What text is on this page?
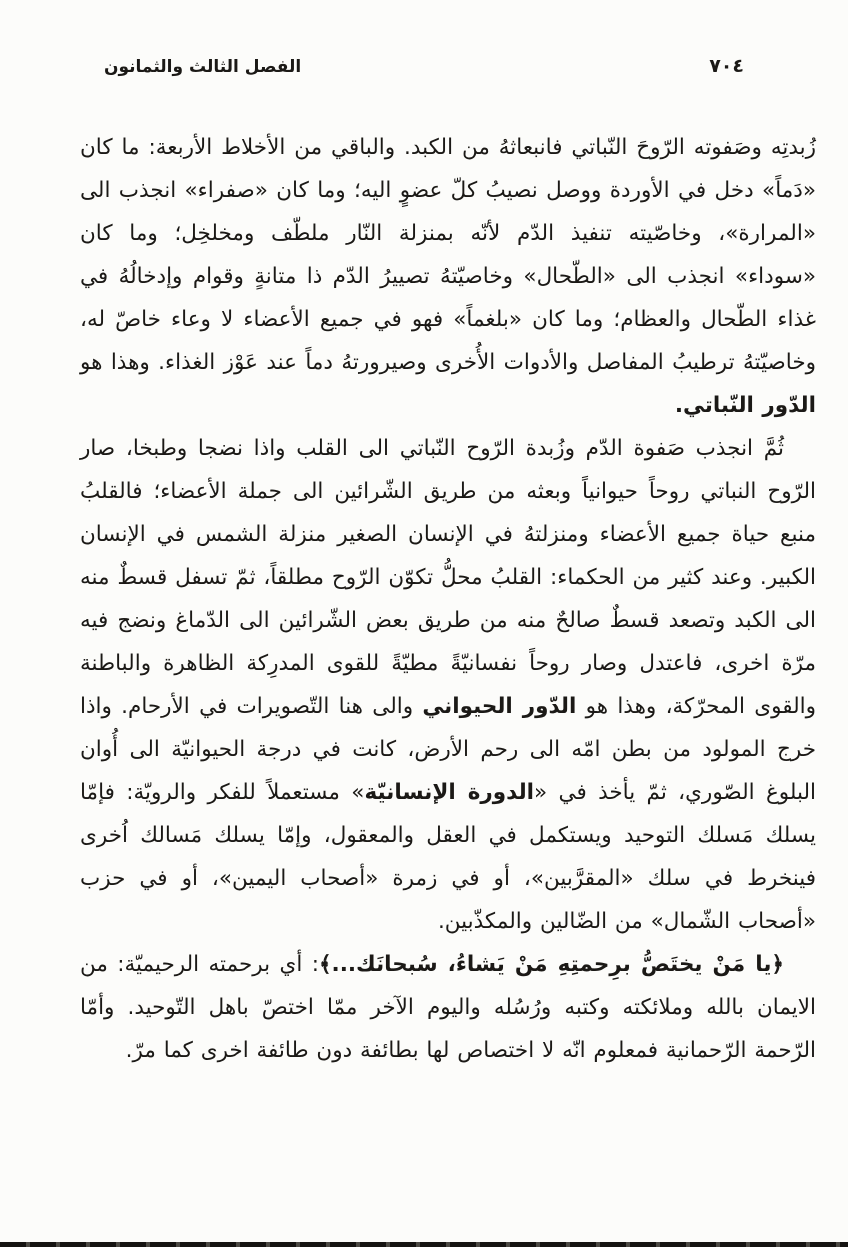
٧٠٤
الفصل الثالث والثمانون

زُبدتِه وصَفوته الرّوحَ النّباتي فانبعاثهُ من الكبد. والباقي من الأخلاط الأربعة: ما كان «دَماً» دخل في الأوردة ووصل نصيبُ كلّ عضوٍ اليه؛ وما كان «صفراء» انجذب الى «المرارة»، وخاصّيته تنفيذ الدّم لأنّه بمنزلة النّار ملطّف ومخلخِل؛ وما كان «سوداء» انجذب الى «الطّحال» وخاصيّتهُ تصييرُ الدّم ذا متانةٍ وقوام وإدخالُهُ في غذاء الطّحال والعظام؛ وما كان «بلغماً» فهو في جميع الأعضاء لا وعاء خاصّ له، وخاصيّتهُ ترطيبُ المفاصل والأدوات الأُخرى وصيرورتهُ دماً عند عَوْز الغذاء. وهذا هو الدّور النّباتي.

ثُمَّ انجذب صَفوة الدّم وزُبدة الرّوح النّباتي الى القلب واذا نضجا وطبخا، صار الرّوح النباتي روحاً حيوانياً وبعثه من طريق الشّرائين الى جملة الأعضاء؛ فالقلبُ منبع حياة جميع الأعضاء ومنزلتهُ في الإنسان الصغير منزلة الشمس في الإنسان الكبير. وعند كثير من الحكماء: القلبُ محلُّ تكوّن الرّوح مطلقاً، ثمّ تسفل قسطٌ منه الى الكبد وتصعد قسطٌ صالحٌ منه من طريق بعض الشّرائين الى الدّماغ ونضج فيه مرّة اخرى، فاعتدل وصار روحاً نفسانيّةً مطيّةً للقوى المدرِكة الظاهرة والباطنة والقوى المحرّكة، وهذا هو الدّور الحيواني والى هنا التّصويرات في الأرحام. واذا خرج المولود من بطن امّه الى رحم الأرض، كانت في درجة الحيوانيّة الى أُوان البلوغ الصّوري، ثمّ يأخذ في «الدورة الإنسانيّة» مستعملاً للفكر والرويّة: فإمّا يسلك مَسلك التوحيد ويستكمل في العقل والمعقول، وإمّا يسلك مَسالك اُخرى فينخرط في سلك «المقرَّبين»، أو في زمرة «أصحاب اليمين»، أو في حزب «أصحاب الشّمال» من الضّالين والمكذّبين.

﴿يا مَنْ يختَصُّ برِحمتِهِ مَنْ يَشاءُ، سُبحانَك...﴾: أي برحمته الرحيميّة: من الايمان بالله وملائكته وكتبه ورُسُله واليوم الآخر ممّا اختصّ باهل التّوحيد. وأمّا الرّحمة الرّحمانية فمعلوم انّه لا اختصاص لها بطائفة دون طائفة اخرى كما مرّ.
